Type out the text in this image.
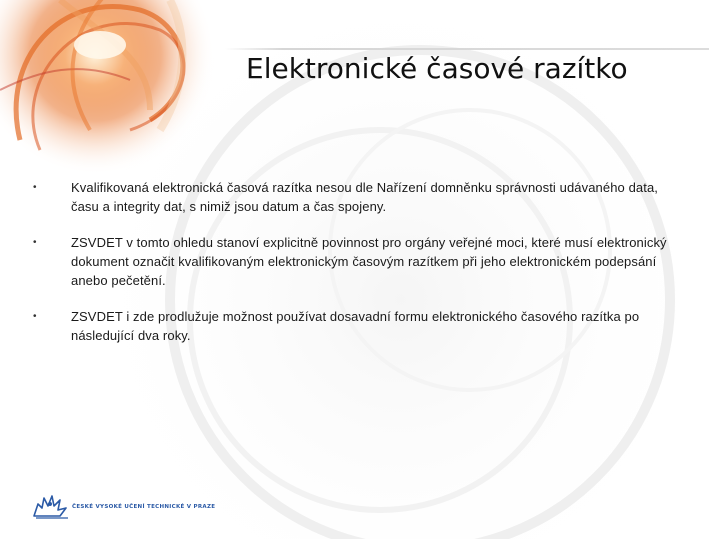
Elektronické časové razítko
•	Kvalifikovaná elektronická časová razítka nesou dle Nařízení domněnku správnosti udávaného data, času a integrity dat, s nimiž jsou datum a čas spojeny.
•	ZSVDET v tomto ohledu stanoví explicitně povinnost pro orgány veřejné moci, které musí elektronický dokument označit kvalifikovaným elektronickým časovým razítkem při jeho elektronickém podepsání anebo pečetění.
•	ZSVDET i zde prodlužuje možnost používat dosavadní formu elektronického časového razítka po následující dva roky.
ČESKÉ VYSOKÉ UČENÍ TECHNICKÉ V PRAZE
